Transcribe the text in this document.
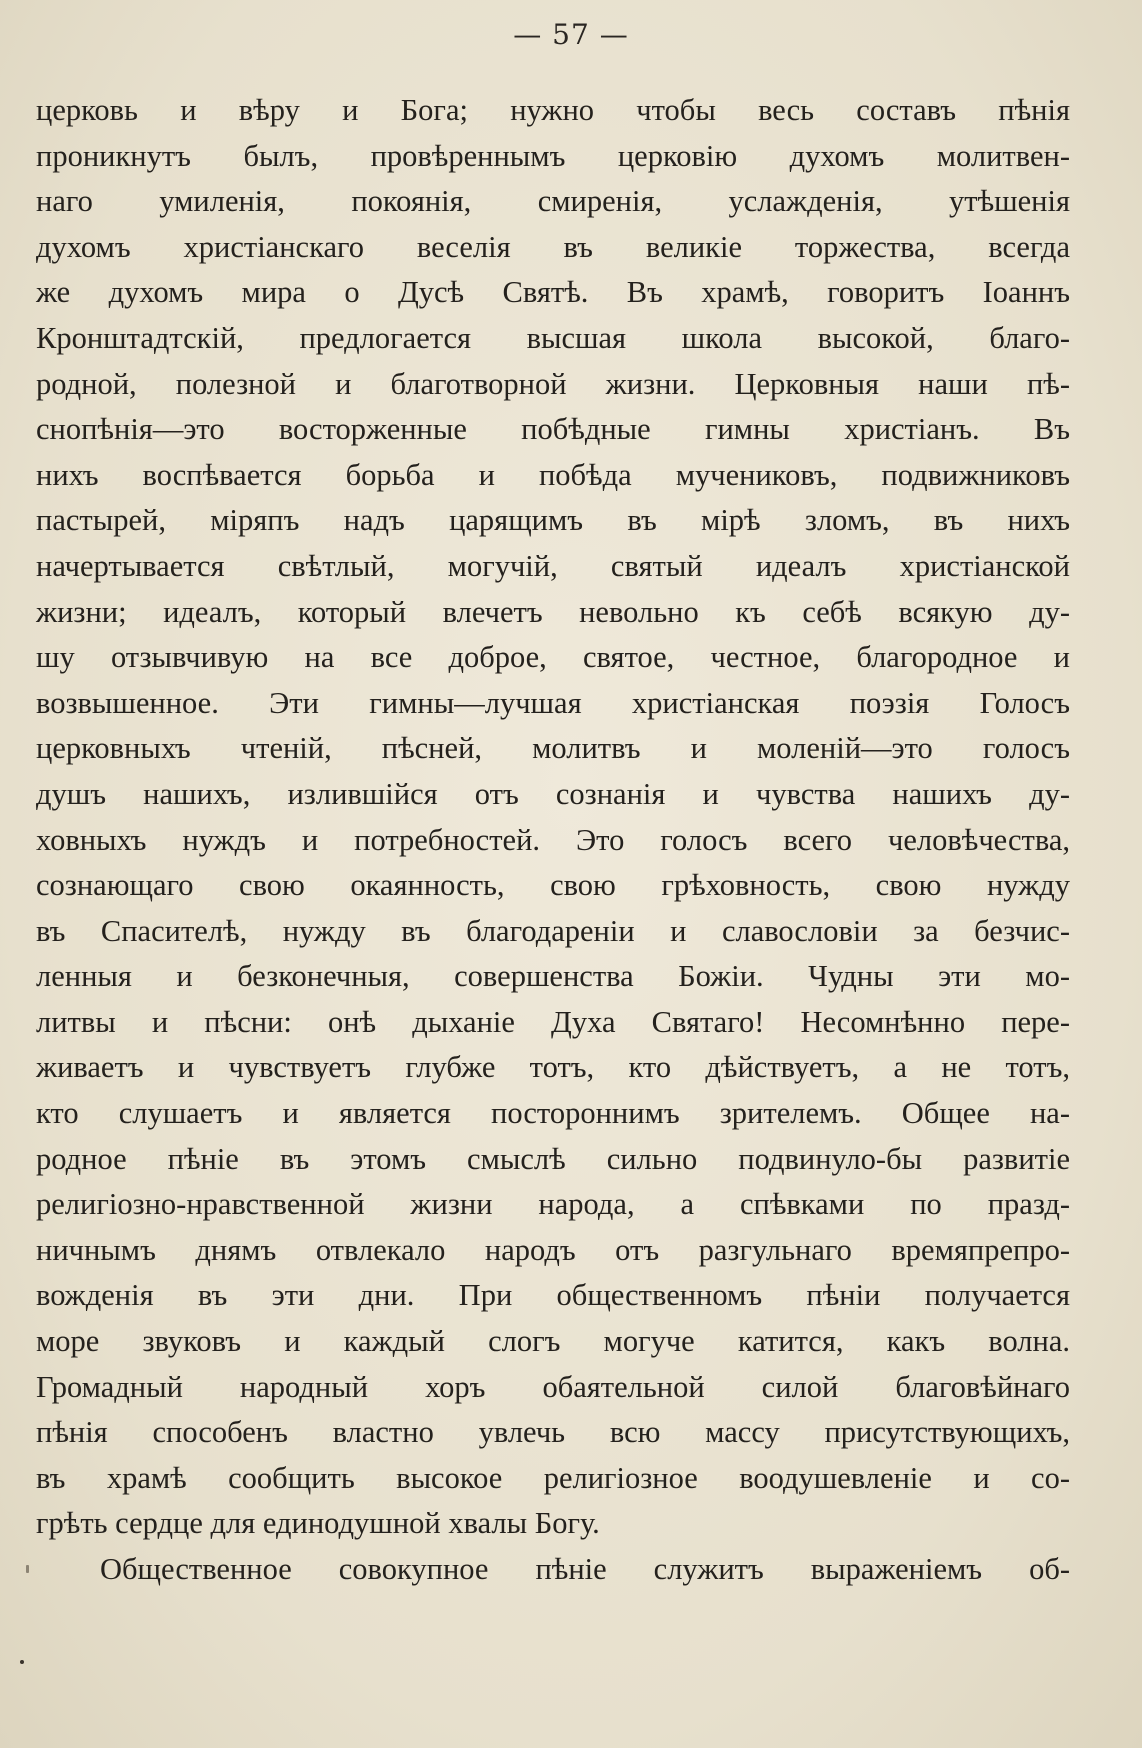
— 57 —
церковь и вѣру и Бога; нужно чтобы весь составъ пѣнія
проникнутъ былъ, провѣреннымъ церковію духомъ молитвен-
наго умиленія, покоянія, смиренія, услажденія, утѣшенія
духомъ христіанскаго веселія въ великіе торжества, всегда
же духомъ мира о Дусѣ Святѣ. Въ храмѣ, говоритъ Іоаннъ
Кронштадтскій, предлогается высшая школа высокой, благо-
родной, полезной и благотворной жизни. Церковныя наши пѣ-
снопѣнія—это восторженные побѣдные гимны христіанъ. Въ
нихъ воспѣвается борьба и побѣда мучениковъ, подвижниковъ
пастырей, міряпъ надъ царящимъ въ мірѣ зломъ, въ нихъ
начертывается свѣтлый, могучій, святый идеалъ христіанской
жизни; идеалъ, который влечетъ невольно къ себѣ всякую ду-
шу отзывчивую на все доброе, святое, честное, благородное и
возвышенное. Эти гимны—лучшая христіанская поэзія Голосъ
церковныхъ чтеній, пѣсней, молитвъ и моленій—это голосъ
душъ нашихъ, излившійся отъ сознанія и чувства нашихъ ду-
ховныхъ нуждъ и потребностей. Это голосъ всего человѣчества,
сознающаго свою окаянность, свою грѣховность, свою нужду
въ Спасителѣ, нужду въ благодареніи и славословіи за безчис-
ленныя и безконечныя, совершенства Божіи. Чудны эти мо-
литвы и пѣсни: онѣ дыханіе Духа Святаго! Несомнѣнно пере-
живаетъ и чувствуетъ глубже тотъ, кто дѣйствуетъ, а не тотъ,
кто слушаетъ и является постороннимъ зрителемъ. Общее на-
родное пѣніе въ этомъ смыслѣ сильно подвинуло-бы развитіе
религіозно-нравственной жизни народа, а спѣвками по празд-
ничнымъ днямъ отвлекало народъ отъ разгульнаго времяпрепро-
вожденія въ эти дни. При общественномъ пѣніи получается
море звуковъ и каждый слогъ могуче катится, какъ волна.
Громадный народный хоръ обаятельной силой благовѣйнаго
пѣнія способенъ властно увлечь всю массу присутствующихъ,
въ храмѣ сообщить высокое религіозное воодушевленіе и со-
грѣть сердце для единодушной хвалы Богу.
Общественное совокупное пѣніе служитъ выраженіемъ об-
